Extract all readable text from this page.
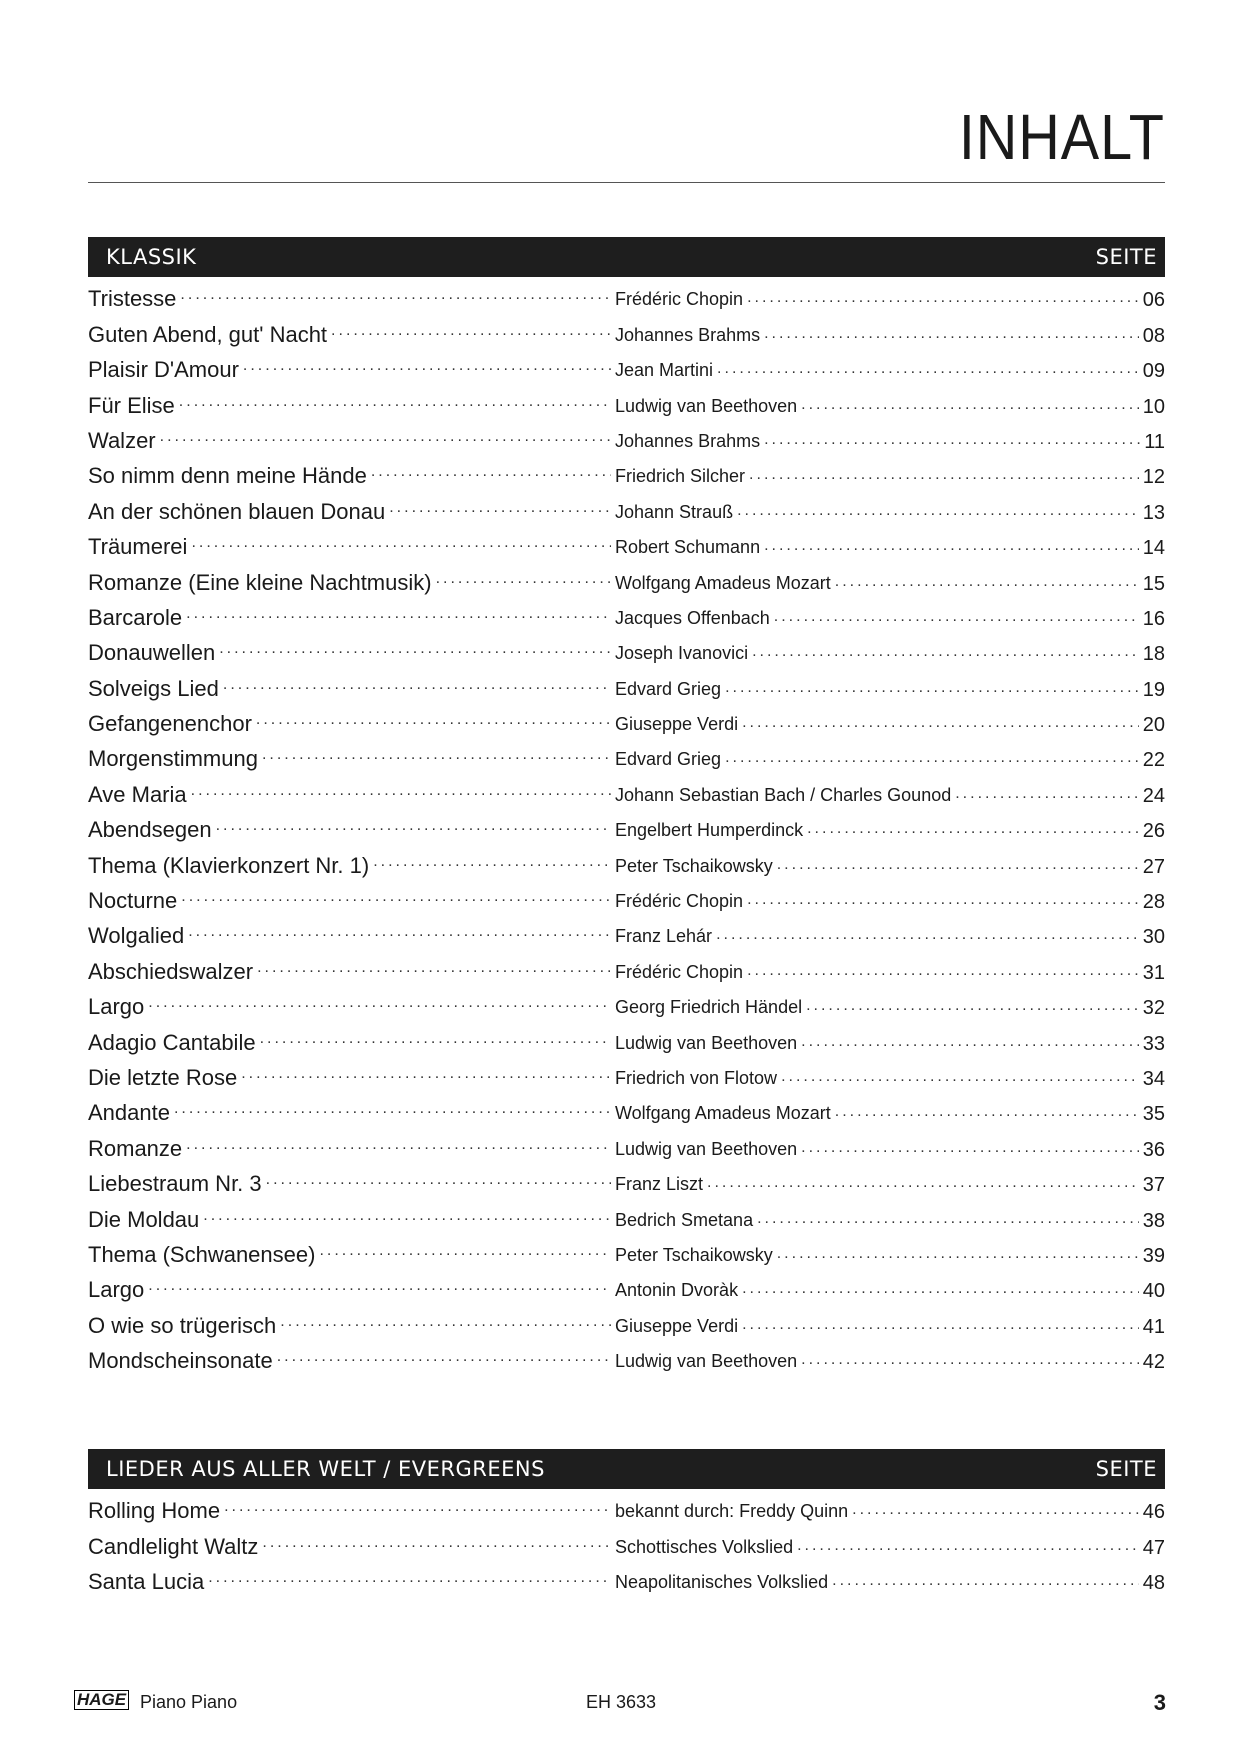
INHALT
KLASSIK	SEITE
Tristesse .....	Frédéric Chopin .....	06
Guten Abend, gut' Nacht .....	Johannes Brahms .....	08
Plaisir D'Amour .....	Jean Martini .....	09
Für Elise .....	Ludwig van Beethoven .....	10
Walzer .....	Johannes Brahms .....	11
So nimm denn meine Hände .....	Friedrich Silcher .....	12
An der schönen blauen Donau .....	Johann Strauß .....	13
Träumerei .....	Robert Schumann .....	14
Romanze (Eine kleine Nachtmusik) .....	Wolfgang Amadeus Mozart .....	15
Barcarole .....	Jacques Offenbach .....	16
Donauwellen .....	Joseph Ivanovici .....	18
Solveigs Lied .....	Edvard Grieg .....	19
Gefangenenchor .....	Giuseppe Verdi .....	20
Morgenstimmung .....	Edvard Grieg .....	22
Ave Maria .....	Johann Sebastian Bach / Charles Gounod .....	24
Abendsegen .....	Engelbert Humperdinck .....	26
Thema (Klavierkonzert Nr. 1) .....	Peter Tschaikowsky .....	27
Nocturne .....	Frédéric Chopin .....	28
Wolgalied .....	Franz Lehár .....	30
Abschiedswalzer .....	Frédéric Chopin .....	31
Largo .....	Georg Friedrich Händel .....	32
Adagio Cantabile .....	Ludwig van Beethoven .....	33
Die letzte Rose .....	Friedrich von Flotow .....	34
Andante .....	Wolfgang Amadeus Mozart .....	35
Romanze .....	Ludwig van Beethoven .....	36
Liebestraum Nr. 3 .....	Franz Liszt .....	37
Die Moldau .....	Bedrich Smetana .....	38
Thema (Schwanensee) .....	Peter Tschaikowsky .....	39
Largo .....	Antonin Dvoràk .....	40
O wie so trügerisch .....	Giuseppe Verdi .....	41
Mondscheinsonate .....	Ludwig van Beethoven .....	42
LIEDER AUS ALLER WELT / EVERGREENS	SEITE
Rolling Home .....	bekannt durch: Freddy Quinn .....	46
Candlelight Waltz .....	Schottisches Volkslied .....	47
Santa Lucia .....	Neapolitanisches Volkslied .....	48
HAGE Piano Piano	EH 3633	3
